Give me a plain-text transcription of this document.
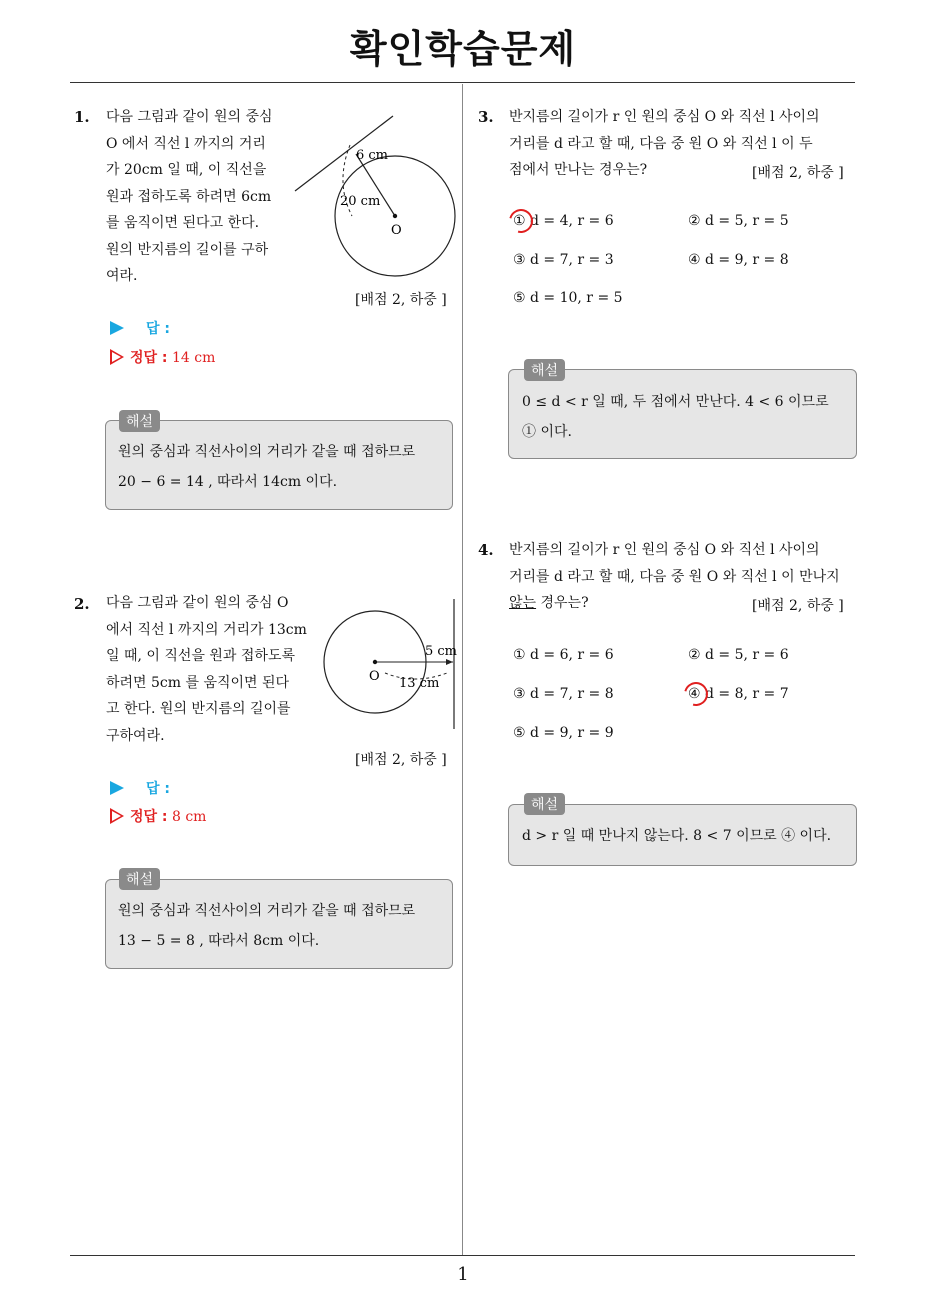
확인학습문제
1
1. 다음 그림과 같이 원의 중심
O 에서 직선 l 까지의 거리
가 20cm 일 때, 이 직선을
원과 접하도록 하려면 6cm
를 움직이면 된다고 한다.
원의 반지름의 길이를 구하
여라.
6 cm
20 cm
O
[배점 2, 하중 ]
답 :
정답 : 14 cm
해설
원의 중심과 직선사이의 거리가 같을 때 접하므로
20 − 6 = 14 , 따라서 14cm 이다.
2. 다음 그림과 같이 원의 중심 O
에서 직선 l 까지의 거리가 13cm
일 때, 이 직선을 원과 접하도록
하려면 5cm 를 움직이면 된다
고 한다. 원의 반지름의 길이를
구하여라.
5 cm
13 cm
O
[배점 2, 하중 ]
답 :
정답 : 8 cm
해설
원의 중심과 직선사이의 거리가 같을 때 접하므로
13 − 5 = 8 , 따라서 8cm 이다.
3. 반지름의 길이가 r 인 원의 중심 O 와 직선 l 사이의
거리를 d 라고 할 때, 다음 중 원 O 와 직선 l 이 두
점에서 만나는 경우는?	[배점 2, 하중 ]
① d = 4, r = 6	② d = 5, r = 5
③ d = 7, r = 3	④ d = 9, r = 8
⑤ d = 10, r = 5
해설
0 ≤ d < r 일 때, 두 점에서 만난다. 4 < 6 이므로
① 이다.
4. 반지름의 길이가 r 인 원의 중심 O 와 직선 l 사이의
거리를 d 라고 할 때, 다음 중 원 O 와 직선 l 이 만나지
않는 경우는?	[배점 2, 하중 ]
① d = 6, r = 6	② d = 5, r = 6
③ d = 7, r = 8	④ d = 8, r = 7
⑤ d = 9, r = 9
해설
d > r 일 때 만나지 않는다. 8 < 7 이므로 ④ 이다.
